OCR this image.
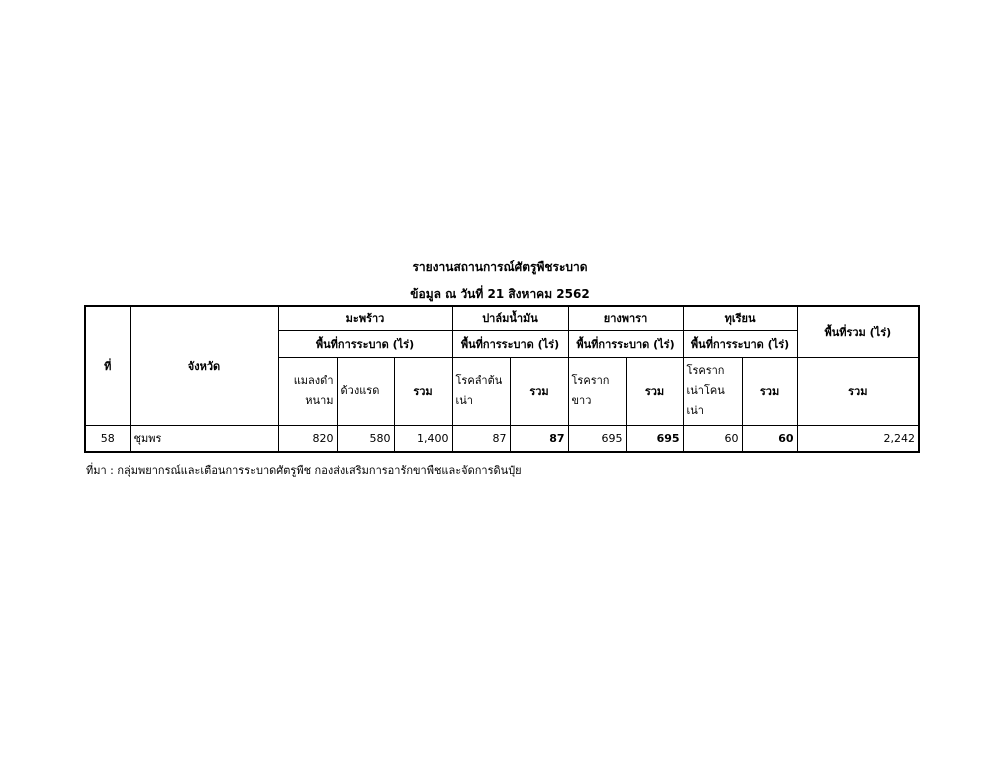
รายงานสถานการณ์ศัตรูพืชระบาด
ข้อมูล ณ วันที่ 21 สิงหาคม 2562
ที่	จังหวัด	มะพร้าว			ปาล์มน้ำมัน		ยางพารา		ทุเรียน		พื้นที่รวม (ไร่)
		พื้นที่การระบาด (ไร่)			พื้นที่การระบาด (ไร่)		พื้นที่การระบาด (ไร่)		พื้นที่การระบาด (ไร่)		
		แมลงดำหนาม	ด้วงแรด	รวม	โรคลำต้นเน่า	รวม	โรครากขาว	รวม	โรครากเน่าโคนเน่า	รวม	รวม
58	ชุมพร	820	580	1,400	87	87	695	695	60	60	2,242
ที่มา : กลุ่มพยากรณ์และเตือนการระบาดศัตรูพืช กองส่งเสริมการอารักขาพืชและจัดการดินปุ๋ย
